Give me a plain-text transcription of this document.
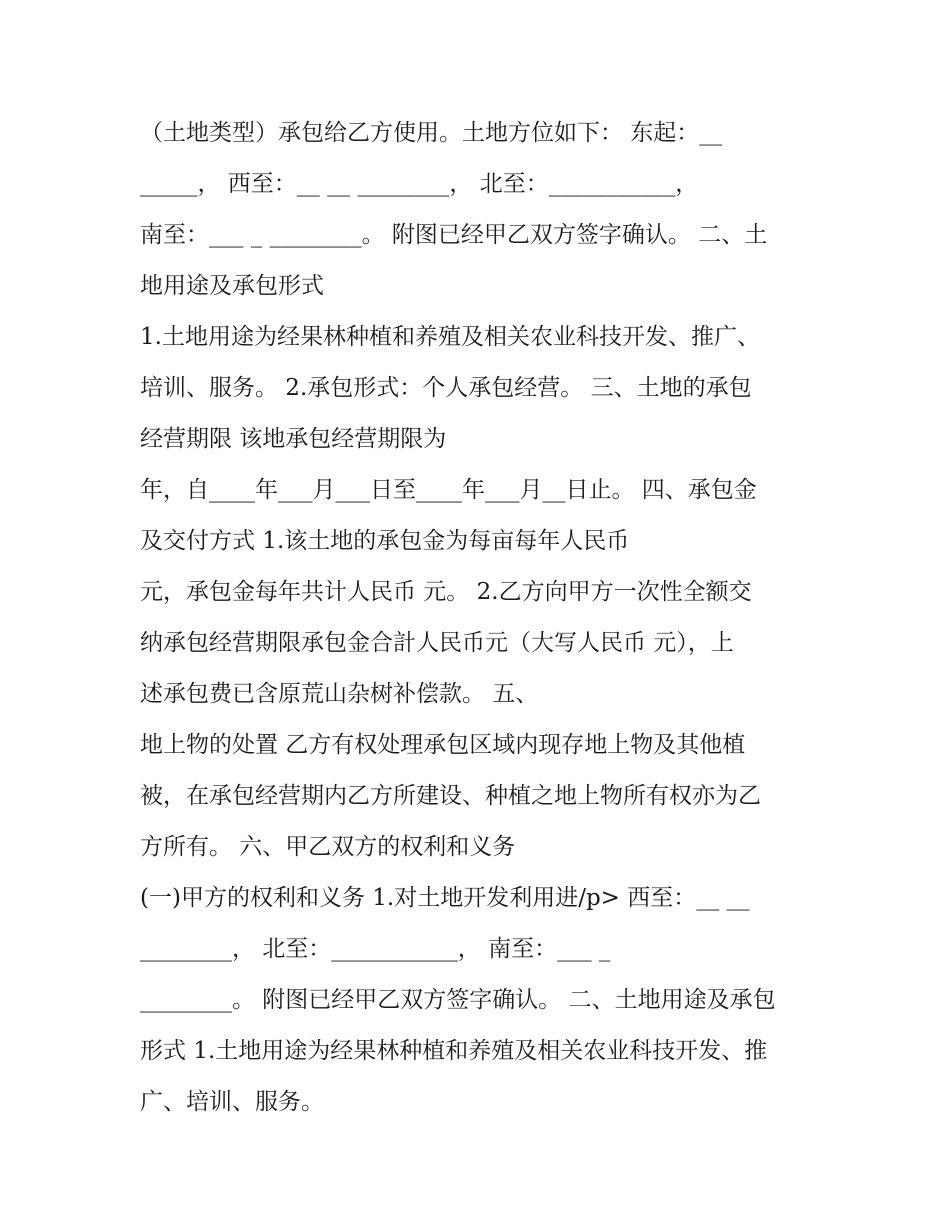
（土地类型）承包给乙方使用。土地方位如下： 东起：__
_____， 西至：__ __ ________， 北至：___________，
南至：___ _ ________。 附图已经甲乙双方签字确认。 二、土
地用途及承包形式
1.土地用途为经果林种植和养殖及相关农业科技开发、推广、
培训、服务。 2.承包形式：个人承包经营。 三、土地的承包
经营期限 该地承包经营期限为
年，自____年___月___日至____年___月__日止。 四、承包金
及交付方式 1.该土地的承包金为每亩每年人民币
元，承包金每年共计人民币 元。 2.乙方向甲方一次性全额交
纳承包经营期限承包金合計人民币元（大写人民币 元），上
述承包费已含原荒山杂树补偿款。 五、
地上物的处置 乙方有权处理承包区域内现存地上物及其他植
被，在承包经营期内乙方所建设、种植之地上物所有权亦为乙
方所有。 六、甲乙双方的权利和义务
(一)甲方的权利和义务 1.对土地开发利用进/p> 西至：__ __
________， 北至：___________， 南至：___ _
________。 附图已经甲乙双方签字确认。 二、土地用途及承包
形式 1.土地用途为经果林种植和养殖及相关农业科技开发、推
广、培训、服务。
